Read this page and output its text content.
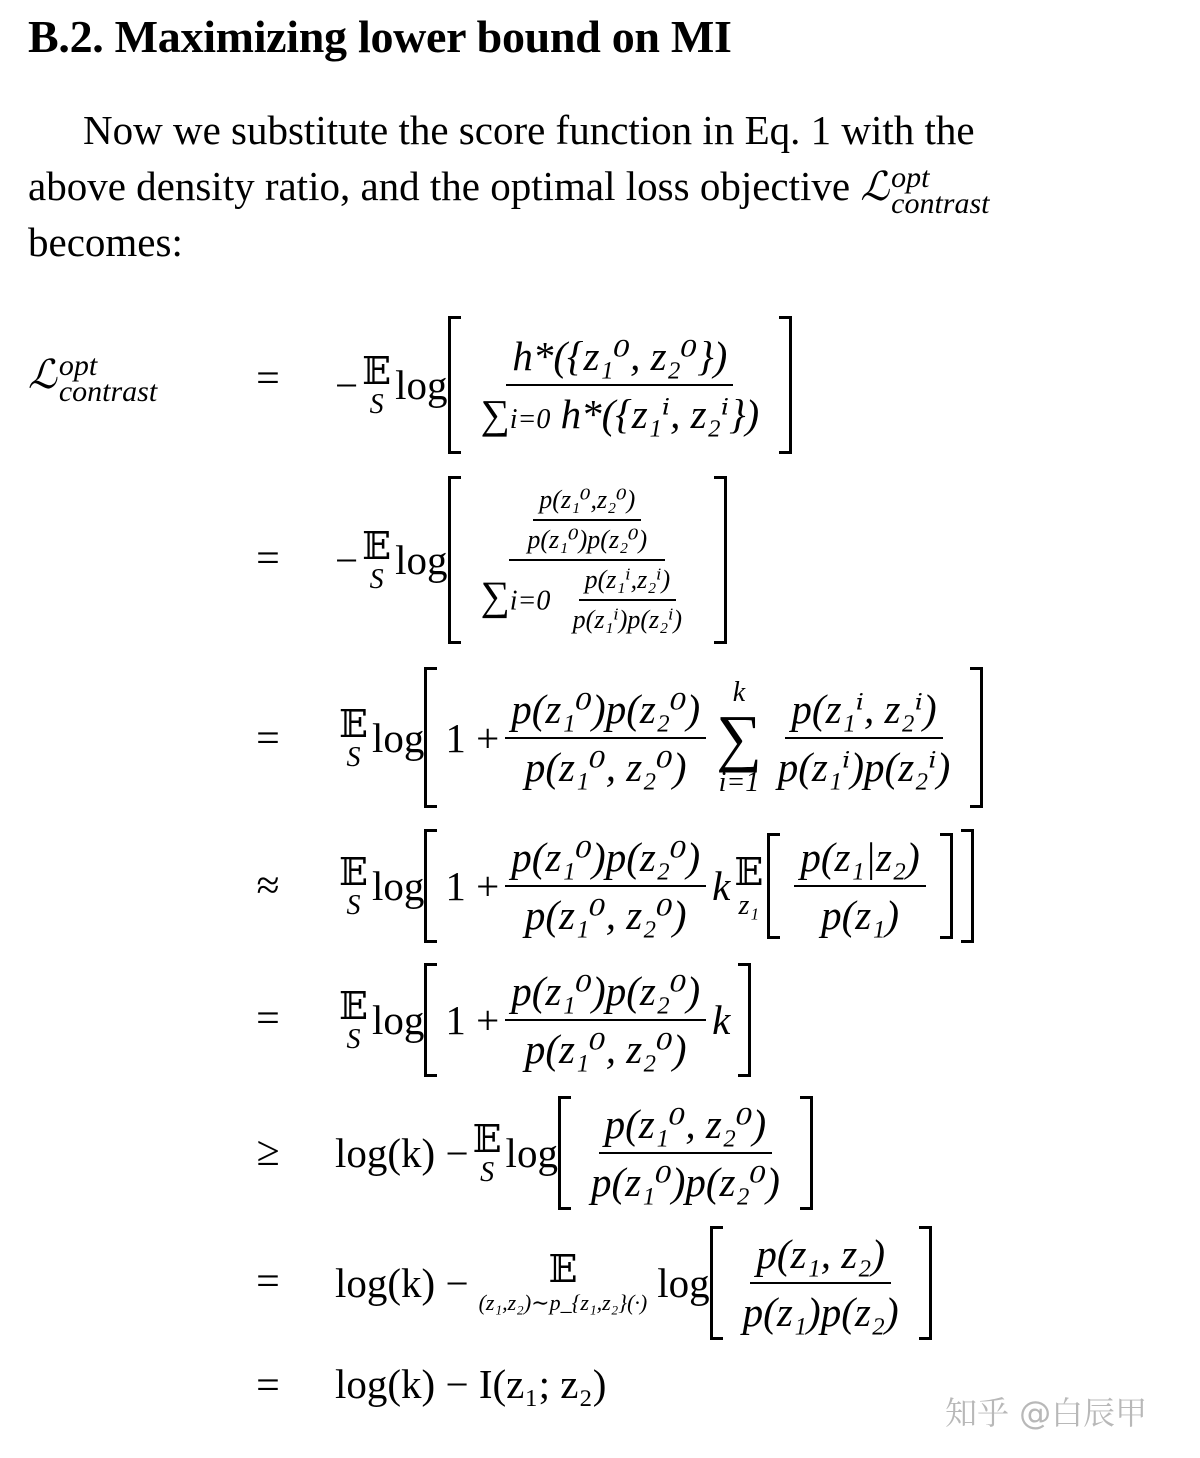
B.2. Maximizing lower bound on MI
Now we substitute the score function in Eq. 1 with the
above density ratio, and the optimal loss objective ℒ opt
contrast
becomes:
ℒ opt
contrast	=	− 𝔼
S $\log \frac{\text{h*(\{z₁⁰, z₂⁰\})}}{\text{∑i=0 h*(\{z₁ⁱ, z₂ⁱ\})}}$
=	− 𝔼
S $\log \frac{\frac{\text{p(z₁⁰,z₂⁰)}}{\text{p(z₁⁰)p(z₂⁰)}}}{\sum i=0 \frac{\text{p(z₁ⁱ,z₂ⁱ)}}{\text{p(z₁ⁱ)p(z₂ⁱ)}}}$
=	𝔼
S $\log 1 + \frac{\text{p(z₁⁰)p(z₂⁰)}}{\text{p(z₁⁰, z₂⁰)}}$ k
∑
$i=1 \frac{\text{p(z₁ⁱ, z₂ⁱ)}}{\text{p(z₁ⁱ)p(z₂ⁱ)}}$
≈	𝔼
S $\log 1 + \frac{\text{p(z₁⁰)p(z₂⁰)}}{\text{p(z₁⁰, z₂⁰)}}$ k 𝔼
$z_1 \frac{\text{p(z₁|z₂)}}{\text{p(z₁)}}$
=	𝔼
S $\log 1 + \frac{\text{p(z₁⁰)p(z₂⁰)}}{\text{p(z₁⁰, z₂⁰)}}$ k
≥	log(k) − 𝔼
S $\log \frac{\text{p(z₁⁰, z₂⁰)}}{\text{p(z₁⁰)p(z₂⁰)}}$
=	log(k) − 𝔼
(z₁,z₂)∼p_{z₁,z₂}(·) $\log \frac{\text{p(z₁, z₂)}}{\text{p(z₁)p(z₂)}}$
=	log(k) − I(z₁; z₂)
知乎 @白辰甲
